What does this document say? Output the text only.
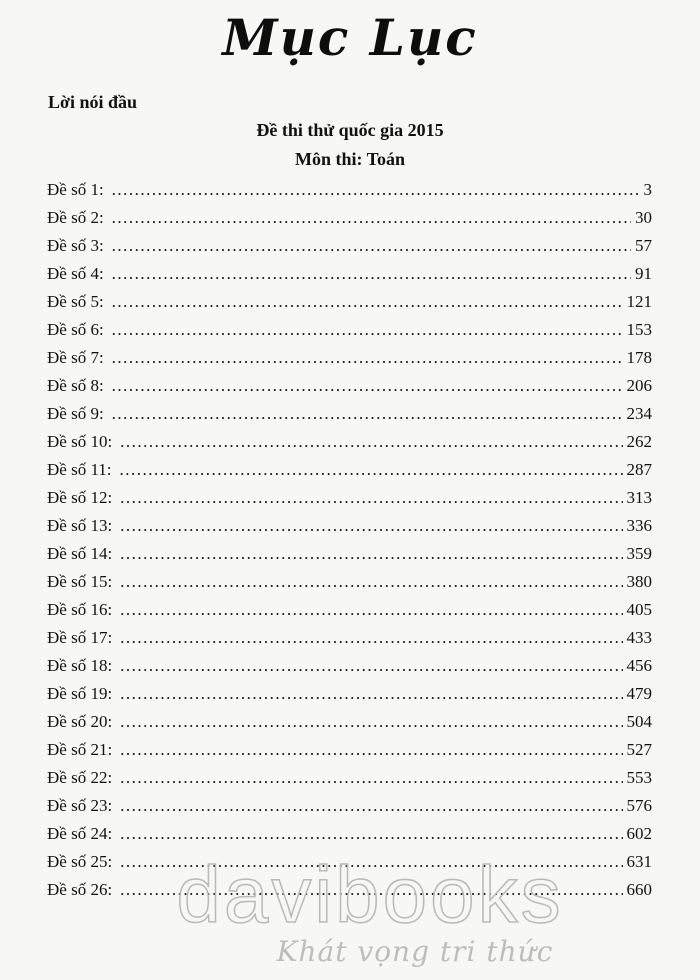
Mục Lục
Lời nói đầu
Đề thi thử quốc gia 2015
Môn thi: Toán
Đề số 1: .....	3
Đề số 2: .....	30
Đề số 3: .....	57
Đề số 4: .....	91
Đề số 5: .....	121
Đề số 6: .....	153
Đề số 7: .....	178
Đề số 8: .....	206
Đề số 9: .....	234
Đề số 10: .....	262
Đề số 11: .....	287
Đề số 12: .....	313
Đề số 13: .....	336
Đề số 14: .....	359
Đề số 15: .....	380
Đề số 16: .....	405
Đề số 17: .....	433
Đề số 18: .....	456
Đề số 19: .....	479
Đề số 20: .....	504
Đề số 21: .....	527
Đề số 22: .....	553
Đề số 23: .....	576
Đề số 24: .....	602
Đề số 25: .....	631
Đề số 26: .....	660
davibooks
Khát vọng tri thức
